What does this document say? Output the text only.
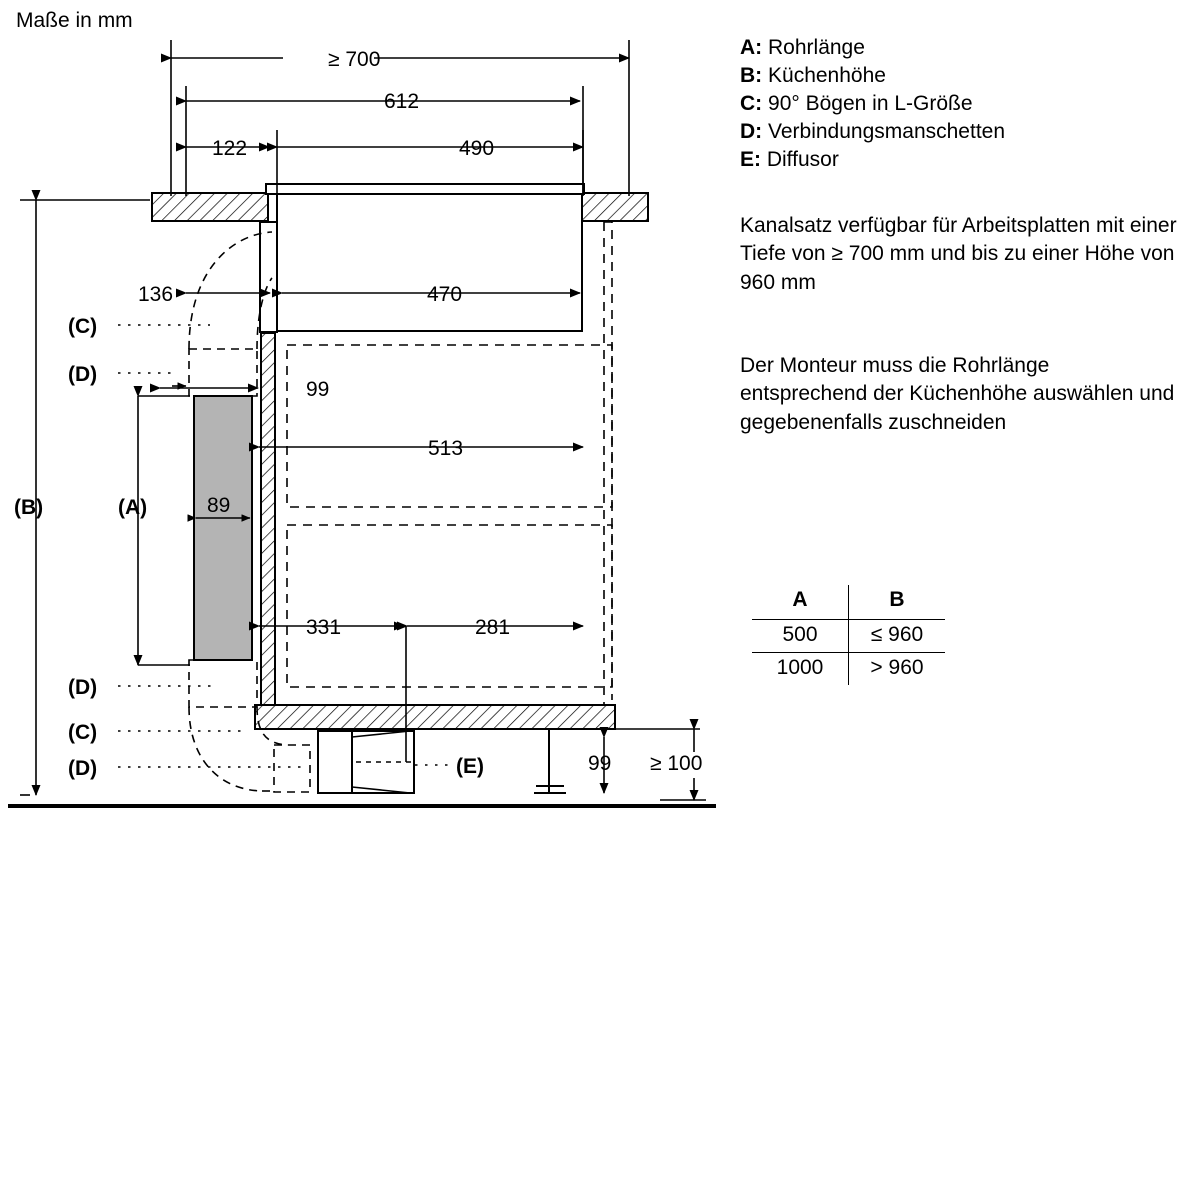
Maße in mm
A: Rohrlänge
B: Küchenhöhe
C: 90° Bögen in L-Größe
D: Verbindungsmanschetten
E: Diffusor
Kanalsatz verfügbar für Arbeitsplatten mit einer Tiefe von ≥ 700 mm und bis zu einer Höhe von 960 mm
Der Monteur muss die Rohrlänge entsprechend der Küchenhöhe auswählen und gegebenenfalls zuschneiden
A	B
500	≤ 960
1000	> 960
≥ 700
612
122	490
136	470
99
513
89
331	281
99 ≥ 100
(B)	(A)
(C)
(D)
(D)
(C)
(D)	(E)
